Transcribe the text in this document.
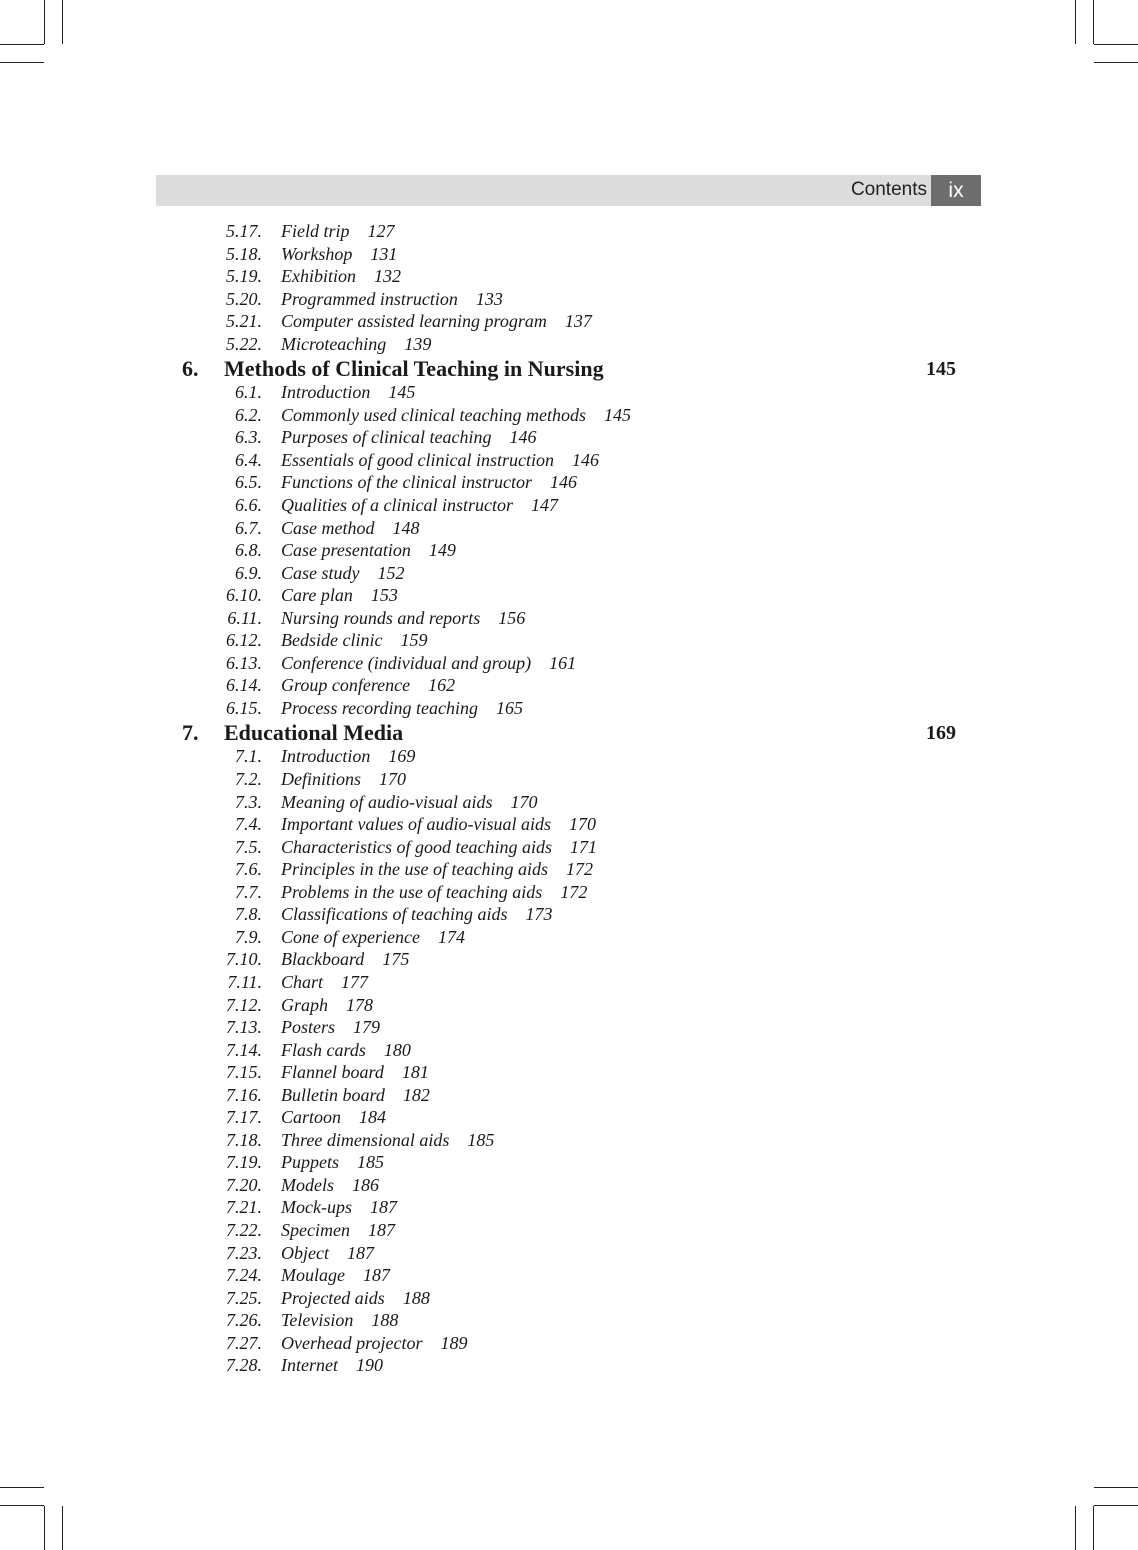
Contents	ix
5.17. Field trip 127
5.18. Workshop 131
5.19. Exhibition 132
5.20. Programmed instruction 133
5.21. Computer assisted learning program 137
5.22. Microteaching 139
6. Methods of Clinical Teaching in Nursing	145
6.1. Introduction 145
6.2. Commonly used clinical teaching methods 145
6.3. Purposes of clinical teaching 146
6.4. Essentials of good clinical instruction 146
6.5. Functions of the clinical instructor 146
6.6. Qualities of a clinical instructor 147
6.7. Case method 148
6.8. Case presentation 149
6.9. Case study 152
6.10. Care plan 153
6.11. Nursing rounds and reports 156
6.12. Bedside clinic 159
6.13. Conference (individual and group) 161
6.14. Group conference 162
6.15. Process recording teaching 165
7. Educational Media	169
7.1. Introduction 169
7.2. Definitions 170
7.3. Meaning of audio-visual aids 170
7.4. Important values of audio-visual aids 170
7.5. Characteristics of good teaching aids 171
7.6. Principles in the use of teaching aids 172
7.7. Problems in the use of teaching aids 172
7.8. Classifications of teaching aids 173
7.9. Cone of experience 174
7.10. Blackboard 175
7.11. Chart 177
7.12. Graph 178
7.13. Posters 179
7.14. Flash cards 180
7.15. Flannel board 181
7.16. Bulletin board 182
7.17. Cartoon 184
7.18. Three dimensional aids 185
7.19. Puppets 185
7.20. Models 186
7.21. Mock-ups 187
7.22. Specimen 187
7.23. Object 187
7.24. Moulage 187
7.25. Projected aids 188
7.26. Television 188
7.27. Overhead projector 189
7.28. Internet 190
